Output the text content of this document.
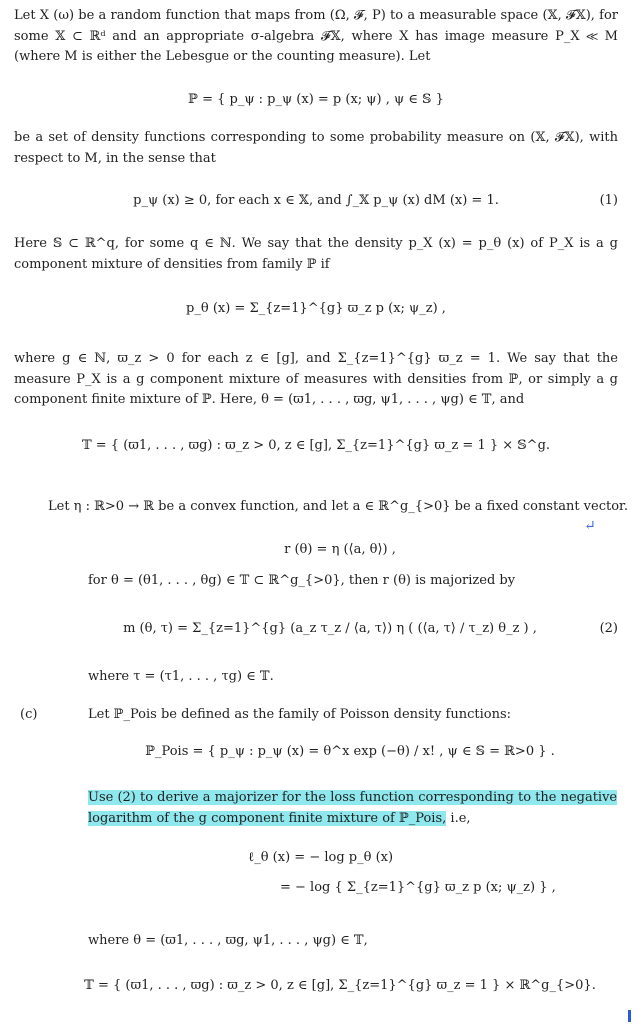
Let X (ω) be a random function that maps from (Ω, 𝓕, P) to a measurable space (𝕏, 𝓕𝕏), for some 𝕏 ⊂ ℝᵈ and an appropriate σ-algebra 𝓕𝕏, where X has image measure P_X ≪ M (where M is either the Lebesgue or the counting measure). Let

ℙ = { p_ψ : p_ψ (x) = p (x; ψ) , ψ ∈ 𝕊 }

be a set of density functions corresponding to some probability measure on (𝕏, 𝓕𝕏), with respect to M, in the sense that

p_ψ (x) ≥ 0, for each x ∈ 𝕏, and ∫_𝕏 p_ψ (x) dM (x) = 1.	(1)

Here 𝕊 ⊂ ℝ^q, for some q ∈ ℕ. We say that the density p_X (x) = p_θ (x) of P_X is a g component mixture of densities from family ℙ if

p_θ (x) = Σ_{z=1}^{g} ϖ_z p (x; ψ_z) ,

where g ∈ ℕ, ϖ_z > 0 for each z ∈ [g], and Σ_{z=1}^{g} ϖ_z = 1. We say that the measure P_X is a g component mixture of measures with densities from ℙ, or simply a g component finite mixture of ℙ. Here, θ = (ϖ1, . . . , ϖg, ψ1, . . . , ψg) ∈ 𝕋, and

𝕋 = { (ϖ1, . . . , ϖg) : ϖ_z > 0, z ∈ [g], Σ_{z=1}^{g} ϖ_z = 1 } × 𝕊^g.

Let η : ℝ>0 → ℝ be a convex function, and let a ∈ ℝ^g_{>0} be a fixed constant vector.

↵
r (θ) = η (⟨a, θ⟩) ,

for θ = (θ1, . . . , θg) ∈ 𝕋 ⊂ ℝ^g_{>0}, then r (θ) is majorized by

m (θ, τ) = Σ_{z=1}^{g} (a_z τ_z / ⟨a, τ⟩) η ( (⟨a, τ⟩ / τ_z) θ_z ) ,	(2)

where τ = (τ1, . . . , τg) ∈ 𝕋.

(c)	Let ℙ_Pois be defined as the family of Poisson density functions:

ℙ_Pois = { p_ψ : p_ψ (x) = θ^x exp (−θ) / x! , ψ ∈ 𝕊 = ℝ>0 } .

Use (2) to derive a majorizer for the loss function corresponding to the negative logarithm of the g component finite mixture of ℙ_Pois, i.e,

ℓ_θ (x) = − log p_θ (x)
= − log { Σ_{z=1}^{g} ϖ_z p (x; ψ_z) } ,

where θ = (ϖ1, . . . , ϖg, ψ1, . . . , ψg) ∈ 𝕋,

𝕋 = { (ϖ1, . . . , ϖg) : ϖ_z > 0, z ∈ [g], Σ_{z=1}^{g} ϖ_z = 1 } × ℝ^g_{>0}.
